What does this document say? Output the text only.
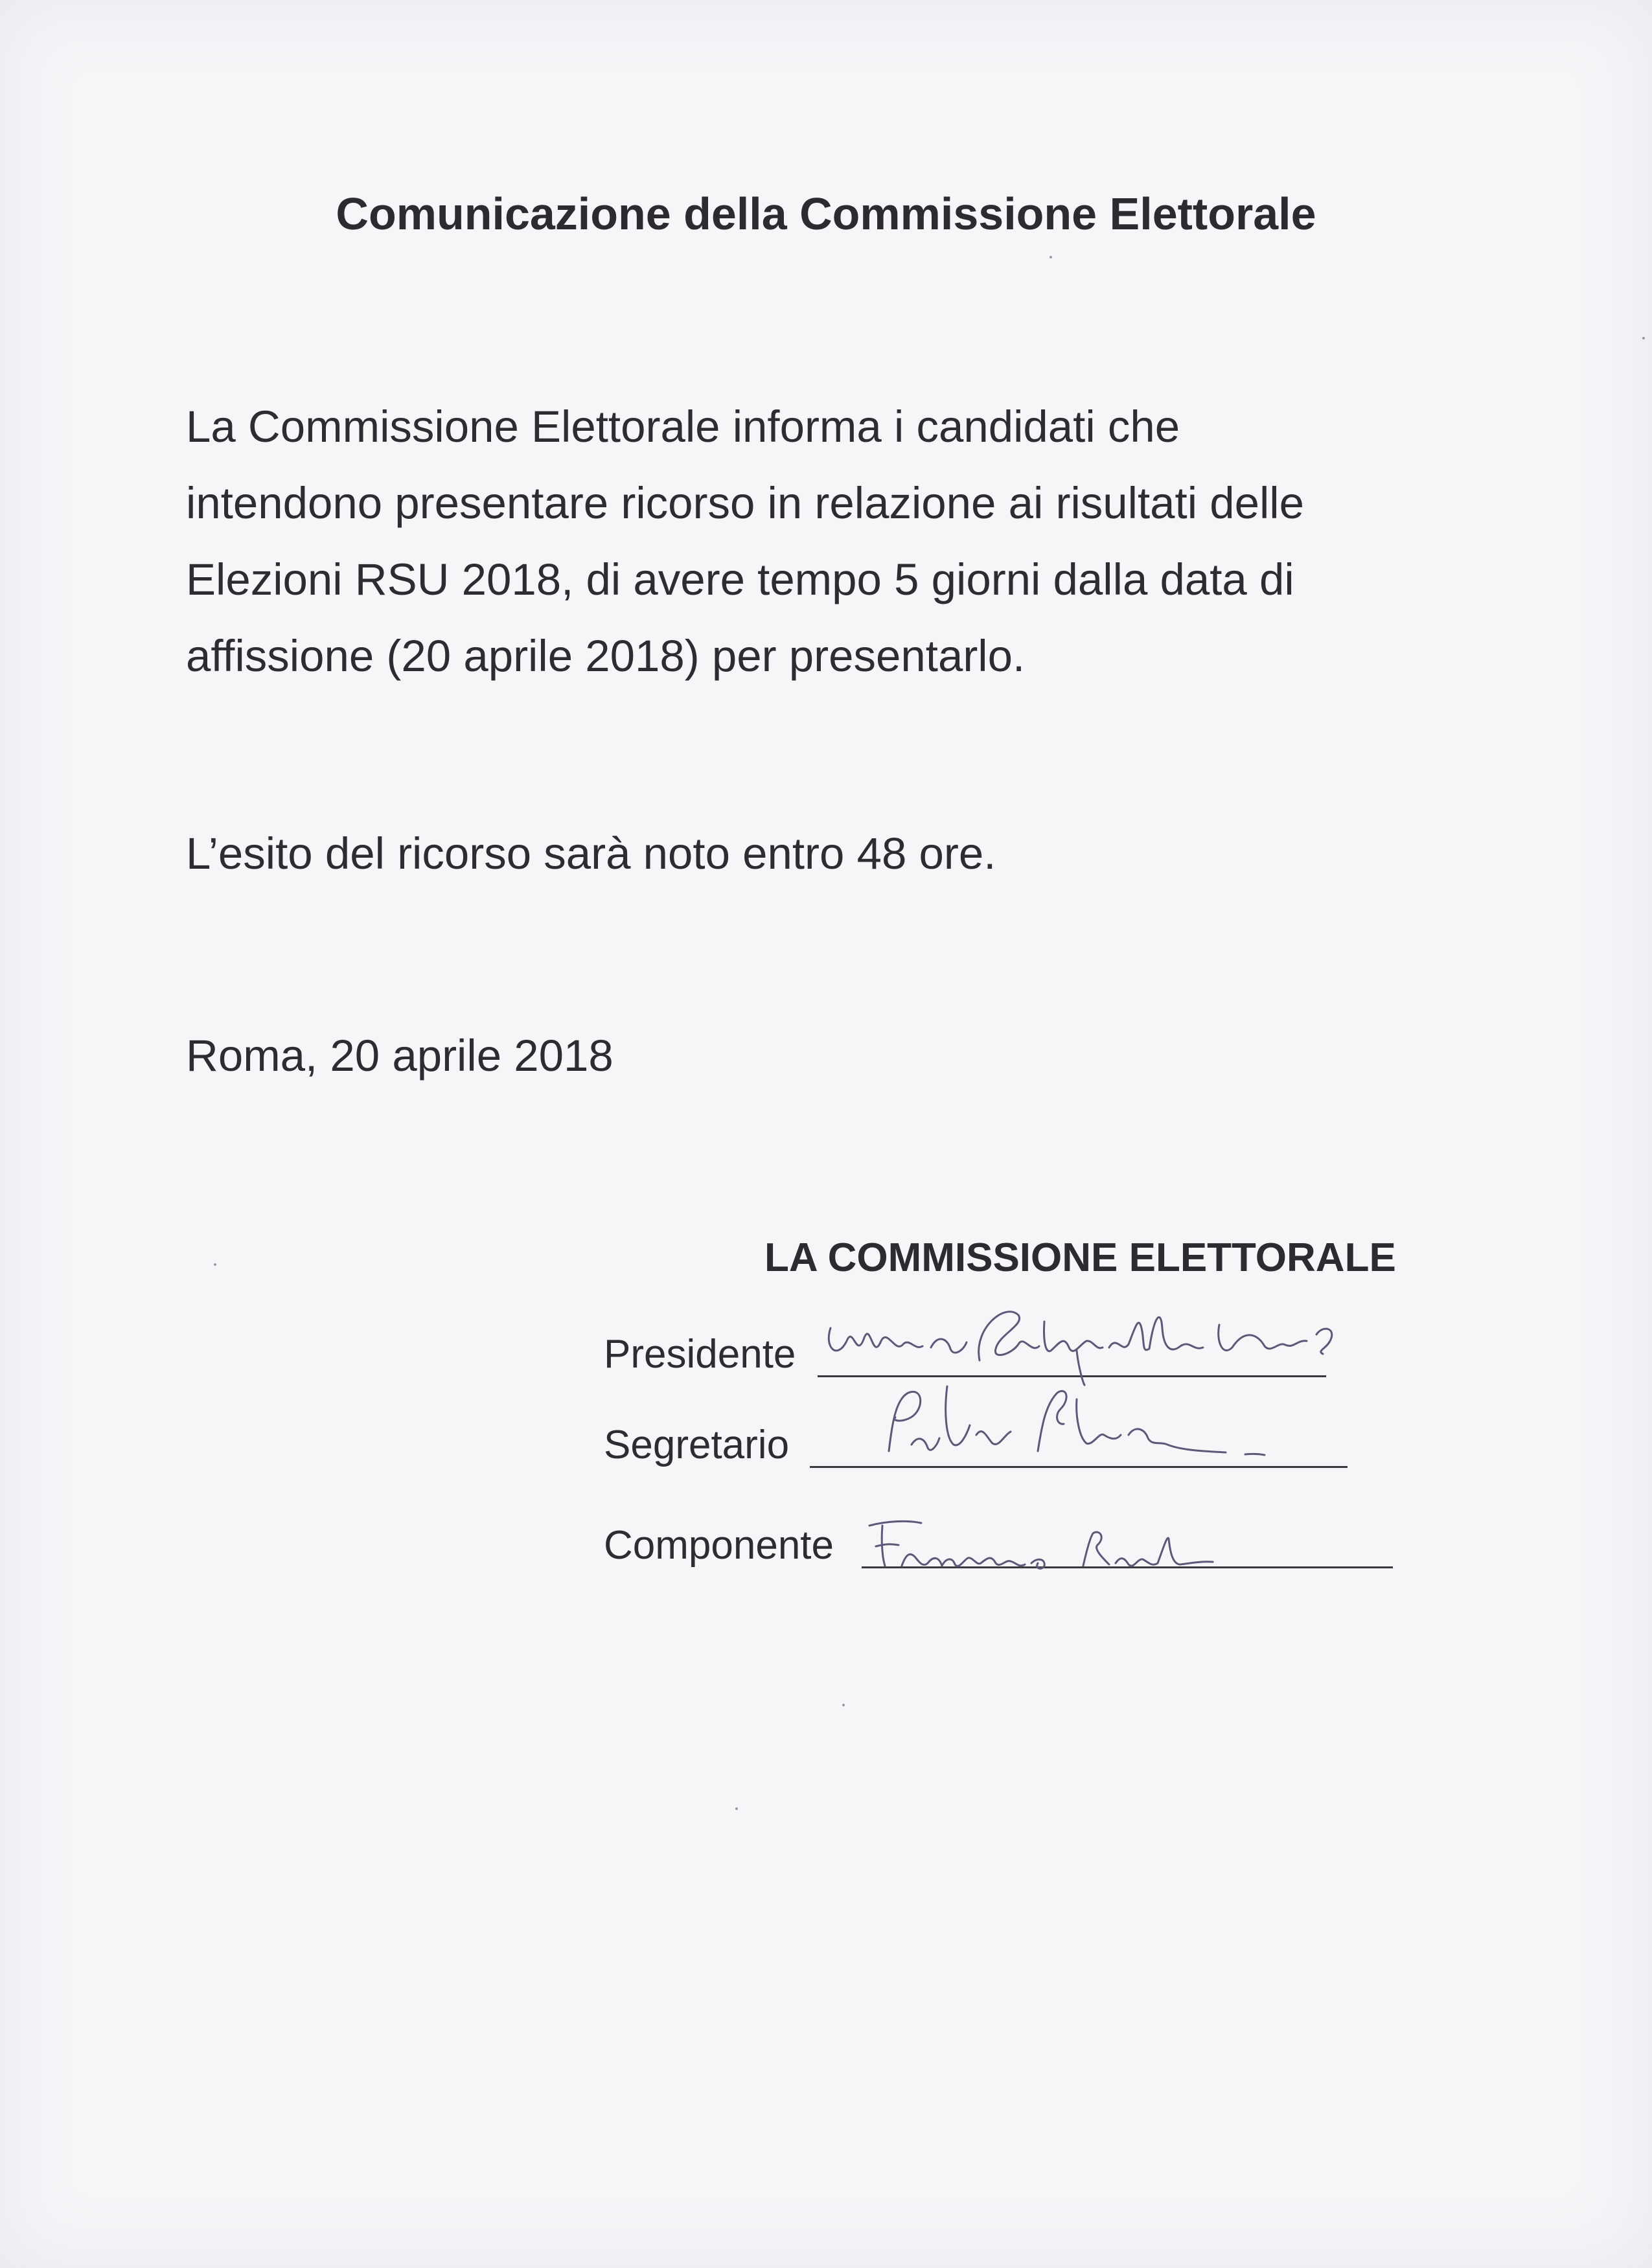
Comunicazione della Commissione Elettorale

La Commissione Elettorale informa i candidati che
intendono presentare ricorso in relazione ai risultati delle
Elezioni RSU 2018, di avere tempo 5 giorni dalla data di
affissione (20 aprile 2018) per presentarlo.

L’esito del ricorso sarà noto entro 48 ore.

Roma, 20 aprile 2018

LA COMMISSIONE ELETTORALE
Presidente
Segretario
Componente
